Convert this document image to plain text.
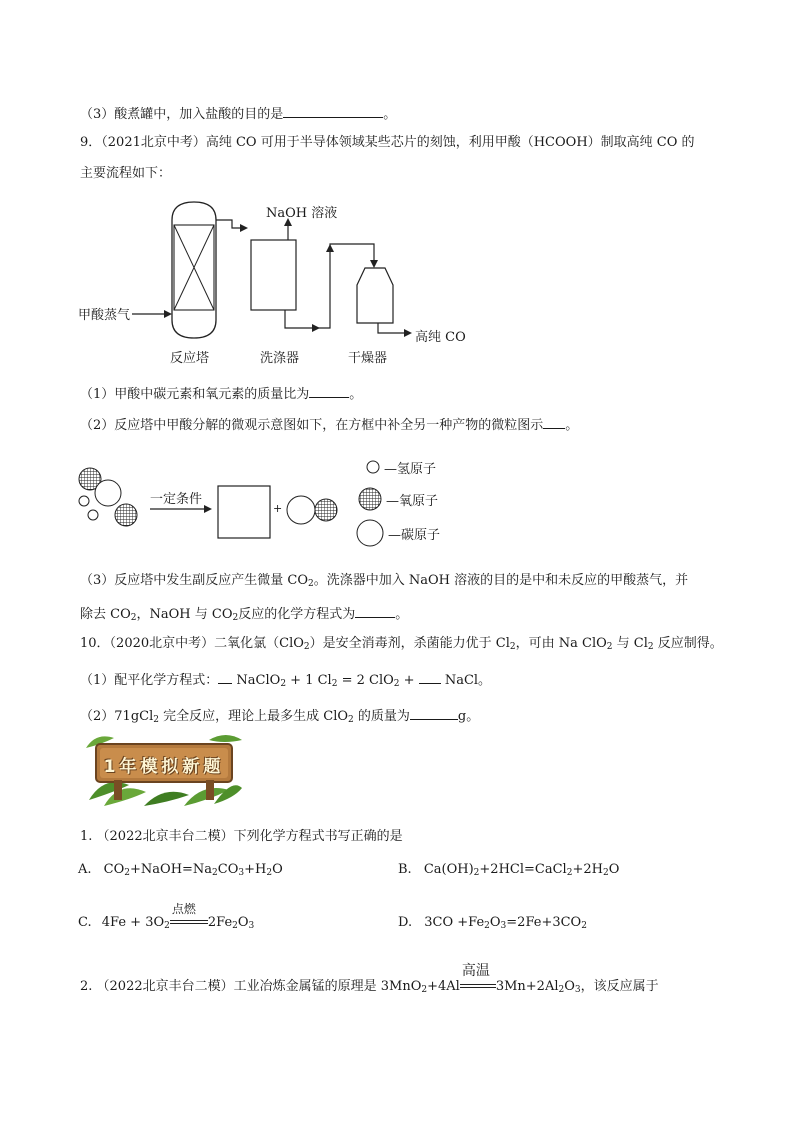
（3）酸煮罐中，加入盐酸的目的是	。
9．（2021北京中考）高纯 CO 可用于半导体领域某些芯片的刻蚀，利用甲酸（HCOOH）制取高纯 CO 的
主要流程如下：
甲酸蒸气
NaOH 溶液
高纯 CO
反应塔	洗涤器	干燥器
（1）甲酸中碳元素和氧元素的质量比为	。
（2）反应塔中甲酸分解的微观示意图如下，在方框中补全另一种产物的微粒图示 。
一定条件
+
—氢原子
—氧原子
—碳原子
（3）反应塔中发生副反应产生微量 $CO_2$。洗涤器中加入 NaOH 溶液的目的是中和未反应的甲酸蒸气，并
除去 $CO_2$，NaOH 与 $CO_2$反应的化学方程式为	。
10．（2020北京中考）二氧化氯（ClO$_2$）是安全消毒剂，杀菌能力优于 $Cl_2$，可由 Na ClO$_2$ 与 $Cl_2$ 反应制得。
（1）配平化学方程式： NaClO$_2$ + 1 $Cl_2 = 2$ ClO$_2$ +  NaCl。
（2）71gCl$_2$ 完全反应，理论上最多生成 ClO$_2$ 的质量为	g。
1年模拟新题
1. （2022北京丰台二模）下列化学方程式书写正确的是
A. $CO_2+NaOH=Na_2CO_3+H_2O$	B. $Ca(OH)_2+2HCl=CaCl_2+2H_2O$
C. $4Fe + 3O_2$
点燃
$2Fe_2O_3$	D. $3CO +Fe_2O_3=2Fe+3CO_2$
2. （2022北京丰台二模）工业冶炼金属锰的原理是 3MnO$_2$+4Al
高温
$3Mn+2Al_2O_3$，该反应属于
